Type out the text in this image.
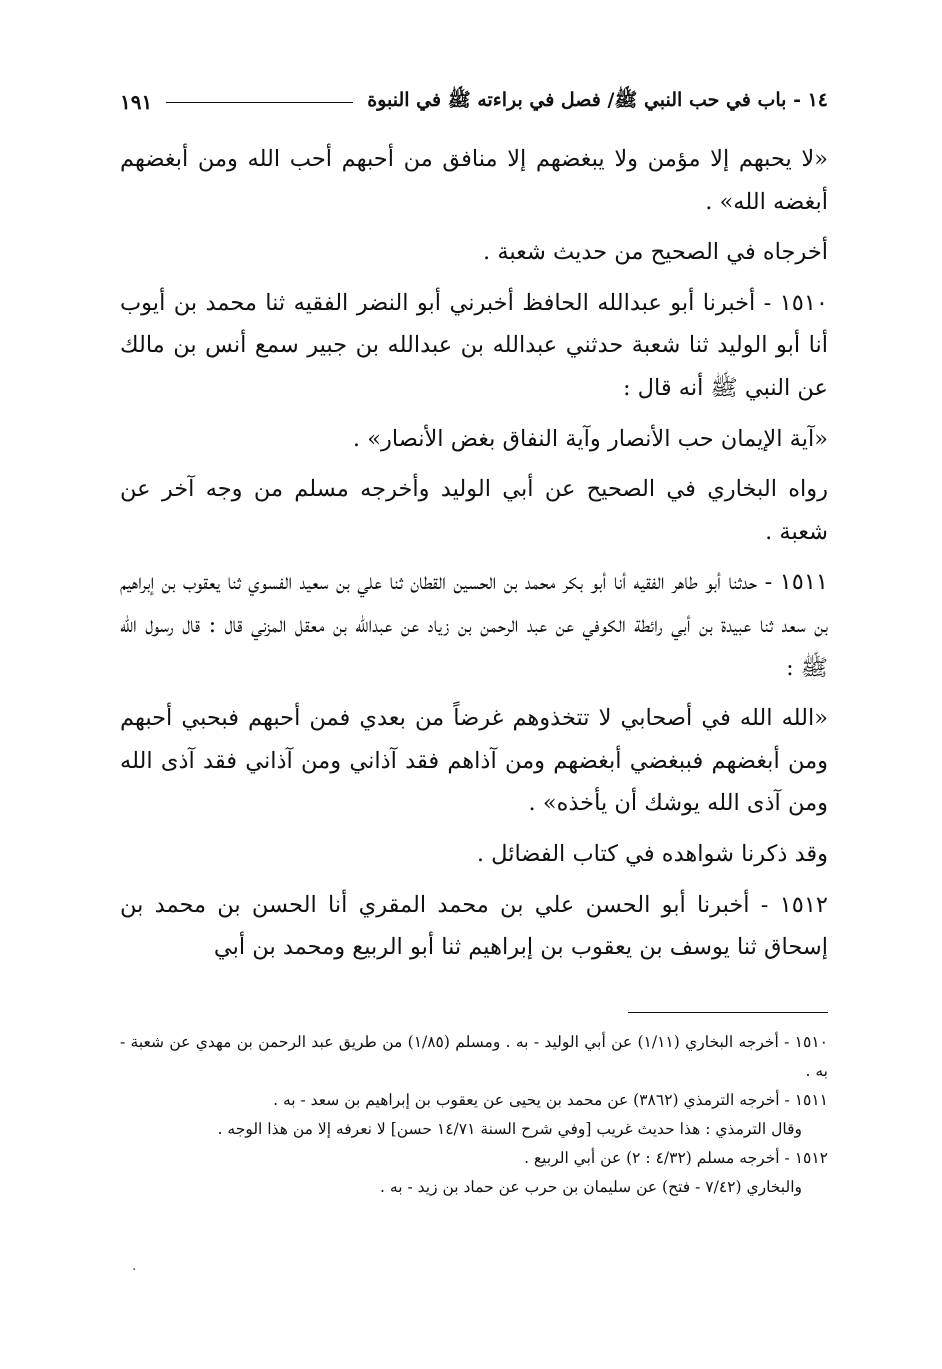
١٤ - باب في حب النبي ﷺ/ فصل في براءته ﷺ في النبوة
١٩١

«لا يحبهم إلا مؤمن ولا يبغضهم إلا منافق من أحبهم أحب الله ومن أبغضهم أبغضه الله» .

أخرجاه في الصحيح من حديث شعبة .

١٥١٠ - أخبرنا أبو عبدالله الحافظ أخبرني أبو النضر الفقيه ثنا محمد بن أيوب أنا أبو الوليد ثنا شعبة حدثني عبدالله بن عبدالله بن جبير سمع أنس بن مالك عن النبي ﷺ أنه قال :

«آية الإيمان حب الأنصار وآية النفاق بغض الأنصار» .

رواه البخاري في الصحيح عن أبي الوليد وأخرجه مسلم من وجه آخر عن شعبة .

١٥١١ - حدثنا أبو طاهر الفقيه أنا أبو بكر محمد بن الحسين القطان ثنا علي بن سعيد الفسوي ثنا يعقوب بن إبراهيم بن سعد ثنا عبيدة بن أبي رائطة الكوفي عن عبد الرحمن بن زياد عن عبدالله بن معقل المزني قال : قال رسول الله ﷺ :

«الله الله في أصحابي لا تتخذوهم غرضاً من بعدي فمن أحبهم فبحبي أحبهم ومن أبغضهم فببغضي أبغضهم ومن آذاهم فقد آذاني ومن آذاني فقد آذى الله ومن آذى الله يوشك أن يأخذه» .

وقد ذكرنا شواهده في كتاب الفضائل .

١٥١٢ - أخبرنا أبو الحسن علي بن محمد المقري أنا الحسن بن محمد بن إسحاق ثنا يوسف بن يعقوب بن إبراهيم ثنا أبو الربيع ومحمد بن أبي

١٥١٠ - أخرجه البخاري (١/١١) عن أبي الوليد - به . ومسلم (١/٨٥) من طريق عبد الرحمن بن مهدي عن شعبة - به .

١٥١١ - أخرجه الترمذي (٣٨٦٢) عن محمد بن يحيى عن يعقوب بن إبراهيم بن سعد - به .

وقال الترمذي : هذا حديث غريب [وفي شرح السنة ١٤/٧١ حسن] لا نعرفه إلا من هذا الوجه .

١٥١٢ - أخرجه مسلم (٤/٣٢ : ٢) عن أبي الربيع .

والبخاري (٧/٤٢ - فتح) عن سليمان بن حرب عن حماد بن زيد - به .

·
